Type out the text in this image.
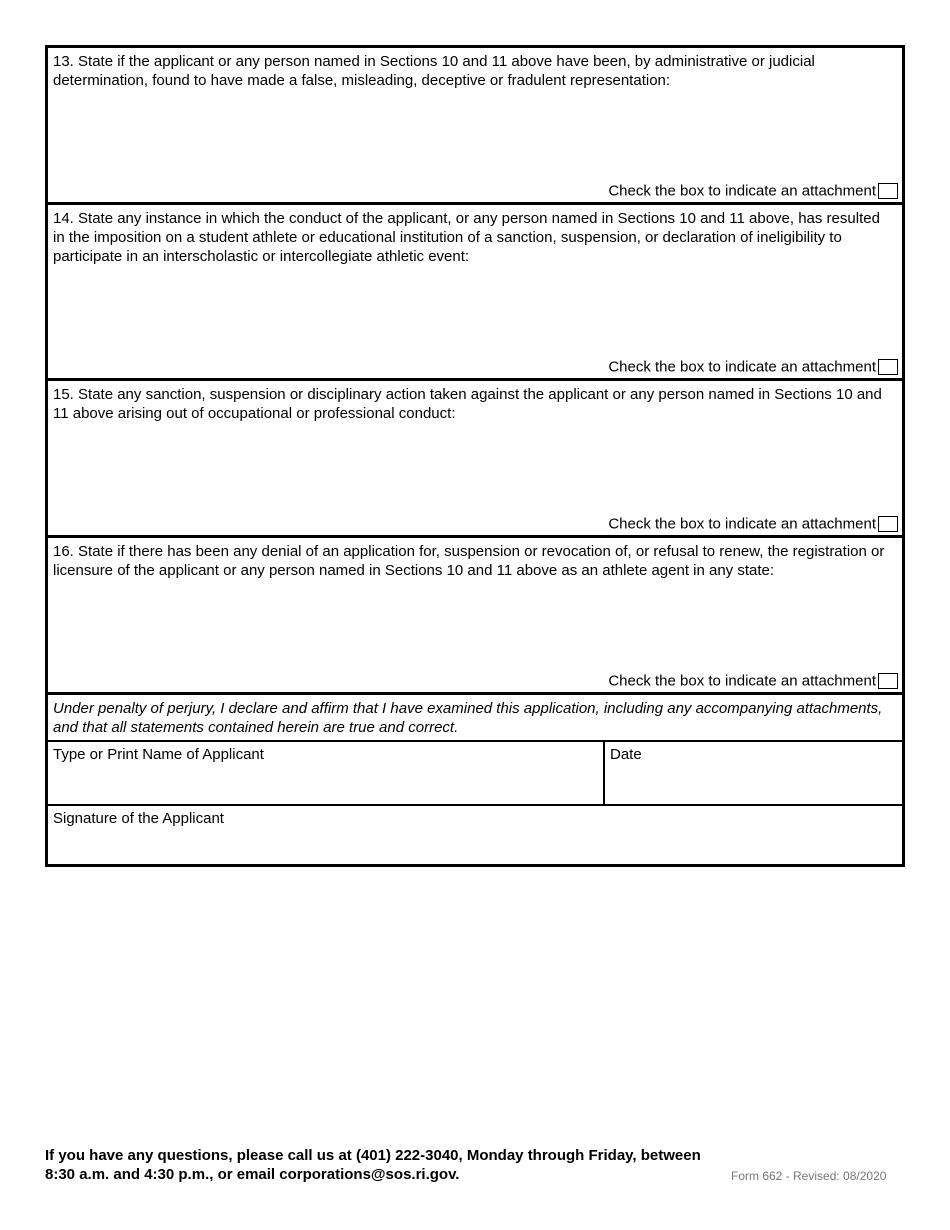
13. State if the applicant or any person named in Sections 10 and 11 above have been, by administrative or judicial determination, found to have made a false, misleading, deceptive or fradulent representation:

Check the box to indicate an attachment

14. State any instance in which the conduct of the applicant, or any person named in Sections 10 and 11 above, has resulted in the imposition on a student athlete or educational institution of a sanction, suspension, or declaration of ineligibility to participate in an interscholastic or intercollegiate athletic event:

Check the box to indicate an attachment

15. State any sanction, suspension or disciplinary action taken against the applicant or any person named in Sections 10 and 11 above arising out of occupational or professional conduct:

Check the box to indicate an attachment

16. State if there has been any denial of an application for, suspension or revocation of, or refusal to renew, the registration or licensure of the applicant or any person named in Sections 10 and 11 above as an athlete agent in any state:

Check the box to indicate an attachment

Under penalty of perjury, I declare and affirm that I have examined this application, including any accompanying attachments, and that all statements contained herein are true and correct.

Type or Print Name of Applicant	Date
Signature of the Applicant
If you have any questions, please call us at (401) 222-3040, Monday through Friday, between 8:30 a.m. and 4:30 p.m., or email corporations@sos.ri.gov.	Form 662 - Revised: 08/2020
